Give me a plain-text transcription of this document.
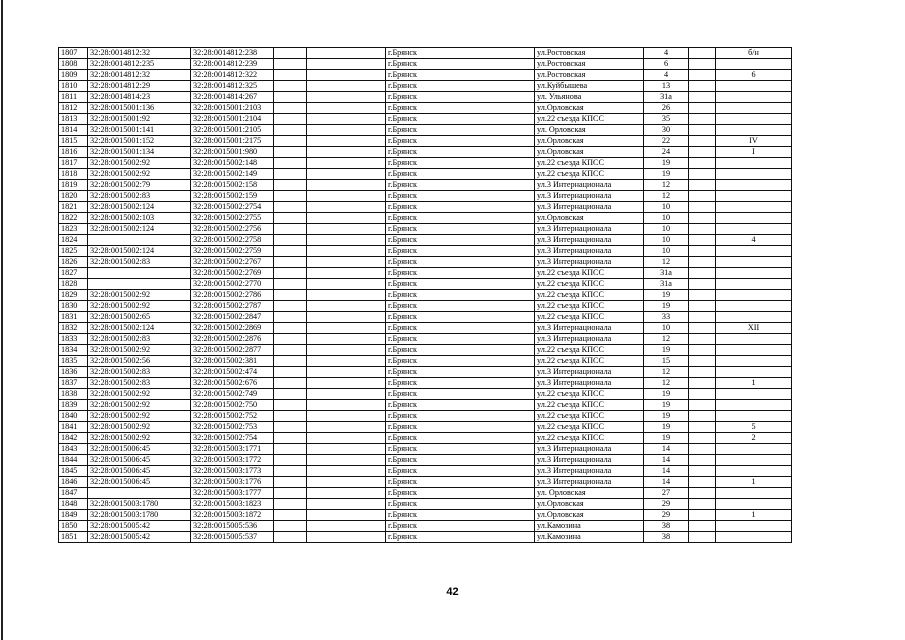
1807	32:28:0014812:32	32:28:0014812:238			г.Брянск	ул.Ростовская	4		б/н
1808	32:28:0014812:235	32:28:0014812:239			г.Брянск	ул.Ростовская	6		
1809	32:28:0014812:32	32:28:0014812:322			г.Брянск	ул.Ростовская	4		6
1810	32:28:0014812:29	32:28:0014812:325			г.Брянск	ул.Куйбышева	13		
1811	32:28:0014814:23	32:28:0014814:267			г.Брянск	ул. Ульянова	31а		
1812	32:28:0015001:136	32:28:0015001:2103			г.Брянск	ул.Орловская	26		
1813	32:28:0015001:92	32:28:0015001:2104			г.Брянск	ул.22 съезда КПСС	35		
1814	32:28:0015001:141	32:28:0015001:2105			г.Брянск	ул. Орловская	30		
1815	32:28:0015001:152	32:28:0015001:2175			г.Брянск	ул.Орловская	22		IV
1816	32:28:0015001:134	32:28:0015001:980			г.Брянск	ул.Орловская	24		I
1817	32:28:0015002:92	32:28:0015002:148			г.Брянск	ул.22 съезда КПСС	19		
1818	32:28:0015002:92	32:28:0015002:149			г.Брянск	ул.22 съезда КПСС	19		
1819	32:28:0015002:79	32:28:0015002:158			г.Брянск	ул.3 Интернационала	12		
1820	32:28:0015002:83	32:28:0015002:159			г.Брянск	ул.3 Интернационала	12		
1821	32:28:0015002:124	32:28:0015002:2754			г.Брянск	ул.3 Интернационала	10		
1822	32:28:0015002:103	32:28:0015002:2755			г.Брянск	ул.Орловская	10		
1823	32:28:0015002:124	32:28:0015002:2756			г.Брянск	ул.3 Интернационала	10		
1824		32:28:0015002:2758			г.Брянск	ул.3 Интернационала	10		4
1825	32:28:0015002:124	32:28:0015002:2759			г.Брянск	ул.3 Интернационала	10		
1826	32:28:0015002:83	32:28:0015002:2767			г.Брянск	ул.3 Интернационала	12		
1827		32:28:0015002:2769			г.Брянск	ул.22 съезда КПСС	31а		
1828		32:28:0015002:2770			г.Брянск	ул.22 съезда КПСС	31а		
1829	32:28:0015002:92	32:28:0015002:2786			г.Брянск	ул.22 съезда КПСС	19		
1830	32:28:0015002:92	32:28:0015002:2787			г.Брянск	ул.22 съезда КПСС	19		
1831	32:28:0015002:65	32:28:0015002:2847			г.Брянск	ул.22 съезда КПСС	33		
1832	32:28:0015002:124	32:28:0015002:2869			г.Брянск	ул.3 Интернационала	10		XII
1833	32:28:0015002:83	32:28:0015002:2876			г.Брянск	ул.3 Интернационала	12		
1834	32:28:0015002:92	32:28:0015002:2877			г.Брянск	ул.22 съезда КПСС	19		
1835	32:28:0015002:56	32:28:0015002:381			г.Брянск	ул.22 съезда КПСС	15		
1836	32:28:0015002:83	32:28:0015002:474			г.Брянск	ул.3 Интернационала	12		
1837	32:28:0015002:83	32:28:0015002:676			г.Брянск	ул.3 Интернационала	12		1
1838	32:28:0015002:92	32:28:0015002:749			г.Брянск	ул.22 съезда КПСС	19		
1839	32:28:0015002:92	32:28:0015002:750			г.Брянск	ул.22 съезда КПСС	19		
1840	32:28:0015002:92	32:28:0015002:752			г.Брянск	ул.22 съезда КПСС	19		
1841	32:28:0015002:92	32:28:0015002:753			г.Брянск	ул.22 съезда КПСС	19		5
1842	32:28:0015002:92	32:28:0015002:754			г.Брянск	ул.22 съезда КПСС	19		2
1843	32:28:0015006:45	32:28:0015003:1771			г.Брянск	ул.3 Интернационала	14		
1844	32:28:0015006:45	32:28:0015003:1772			г.Брянск	ул.3 Интернационала	14		
1845	32:28:0015006:45	32:28:0015003:1773			г.Брянск	ул.3 Интернационала	14		
1846	32:28:0015006:45	32:28:0015003:1776			г.Брянск	ул.3 Интернационала	14		1
1847		32:28:0015003:1777			г.Брянск	ул. Орловская	27		
1848	32:28:0015003:1780	32:28:0015003:1823			г.Брянск	ул.Орловская	29		
1849	32:28:0015003:1780	32:28:0015003:1872			г.Брянск	ул.Орловская	29		1
1850	32:28:0015005:42	32:28:0015005:536			г.Брянск	ул.Камозина	38		
1851	32:28:0015005:42	32:28:0015005:537			г.Брянск	ул.Камозина	38		
42
